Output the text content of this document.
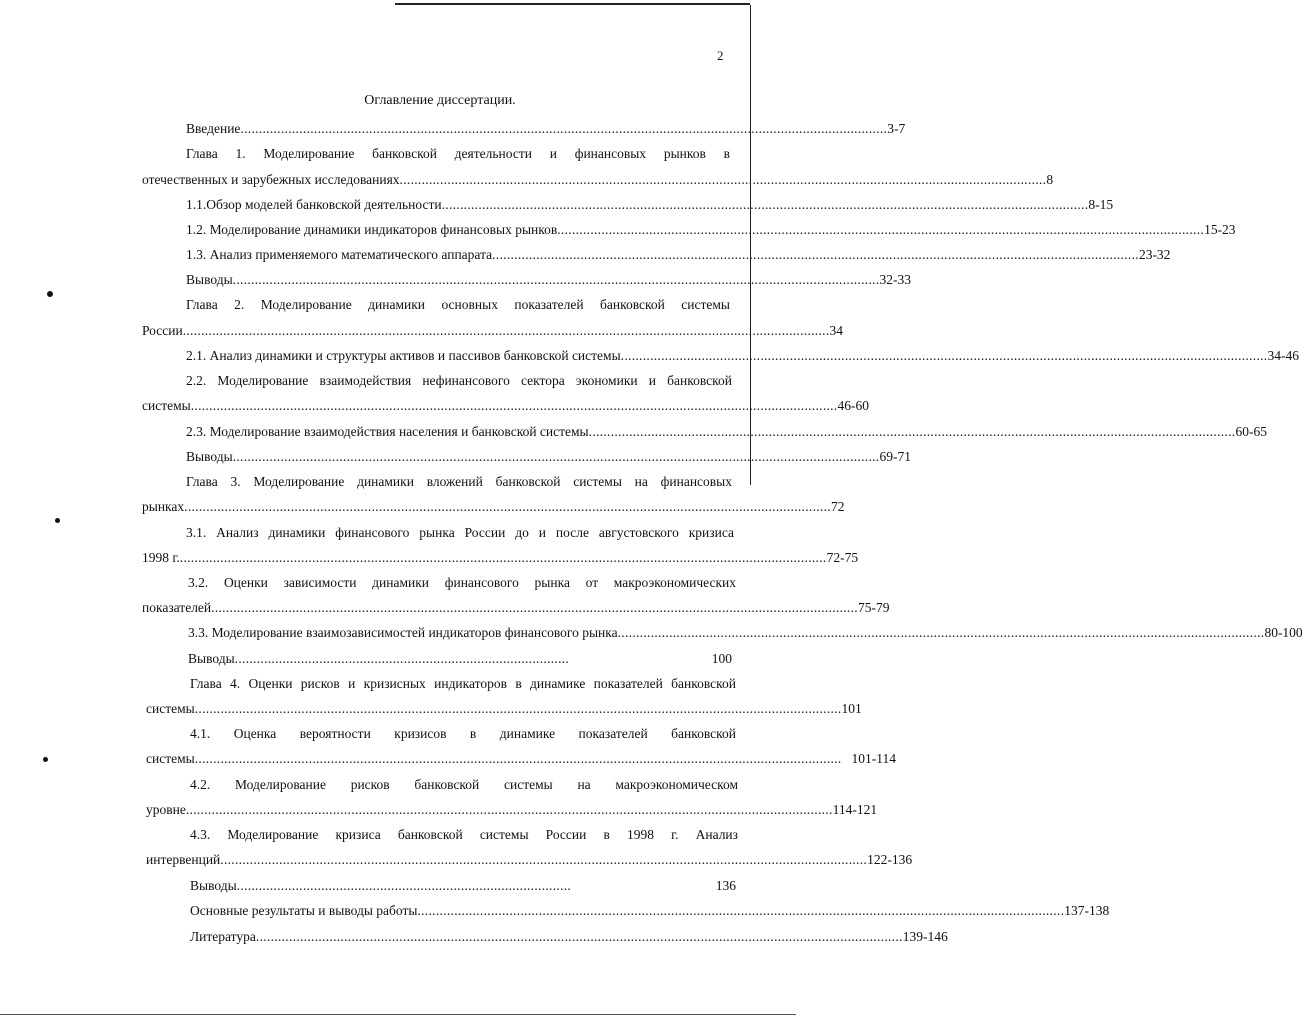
2
Оглавление диссертации.
Введение ................................................................................................................................................................................ 3-7
Глава 1. Моделирование банковской деятельности и финансовых рынков в
отечественных и зарубежных исследованиях ................................................................................................................................................................................ 8
1.1.Обзор моделей банковской деятельности ................................................................................................................................................................................ 8-15
1.2. Моделирование динамики индикаторов финансовых рынков ................................................................................................................................................................................ 15-23
1.3. Анализ применяемого математического аппарата ................................................................................................................................................................................ 23-32
Выводы ................................................................................................................................................................................ 32-33
Глава 2. Моделирование динамики основных показателей банковской системы
России ................................................................................................................................................................................ 34
2.1. Анализ динамики и структуры активов и пассивов банковской системы ................................................................................................................................................................................ 34-46
2.2. Моделирование взаимодействия нефинансового сектора экономики и банковской
системы ................................................................................................................................................................................ 46-60
2.3. Моделирование взаимодействия населения и банковской системы ................................................................................................................................................................................ 60-65
Выводы ................................................................................................................................................................................ 69-71
Глава 3. Моделирование динамики вложений банковской системы на финансовых
рынках ................................................................................................................................................................................ 72
3.1. Анализ динамики финансового рынка России до и после августовского кризиса
1998 г. ................................................................................................................................................................................ 72-75
3.2. Оценки зависимости динамики финансового рынка от макроэкономических
показателей ................................................................................................................................................................................ 75-79
3.3. Моделирование взаимозависимостей индикаторов финансового рынка ................................................................................................................................................................................ 80-100
Выводы ...........................................................................................	100
Глава 4. Оценки рисков и кризисных индикаторов в динамике показателей банковской
системы ................................................................................................................................................................................ 101
4.1. Оценка вероятности кризисов в динамике показателей банковской
системы ................................................................................................................................................................................ 101-114
4.2. Моделирование рисков банковской системы на макроэкономическом
уровне ................................................................................................................................................................................ 114-121
4.3. Моделирование кризиса банковской системы России в 1998 г. Анализ
интервенций ................................................................................................................................................................................ 122-136
Выводы ...........................................................................................	136
Основные результаты и выводы работы ................................................................................................................................................................................ 137-138
Литература ................................................................................................................................................................................ 139-146
